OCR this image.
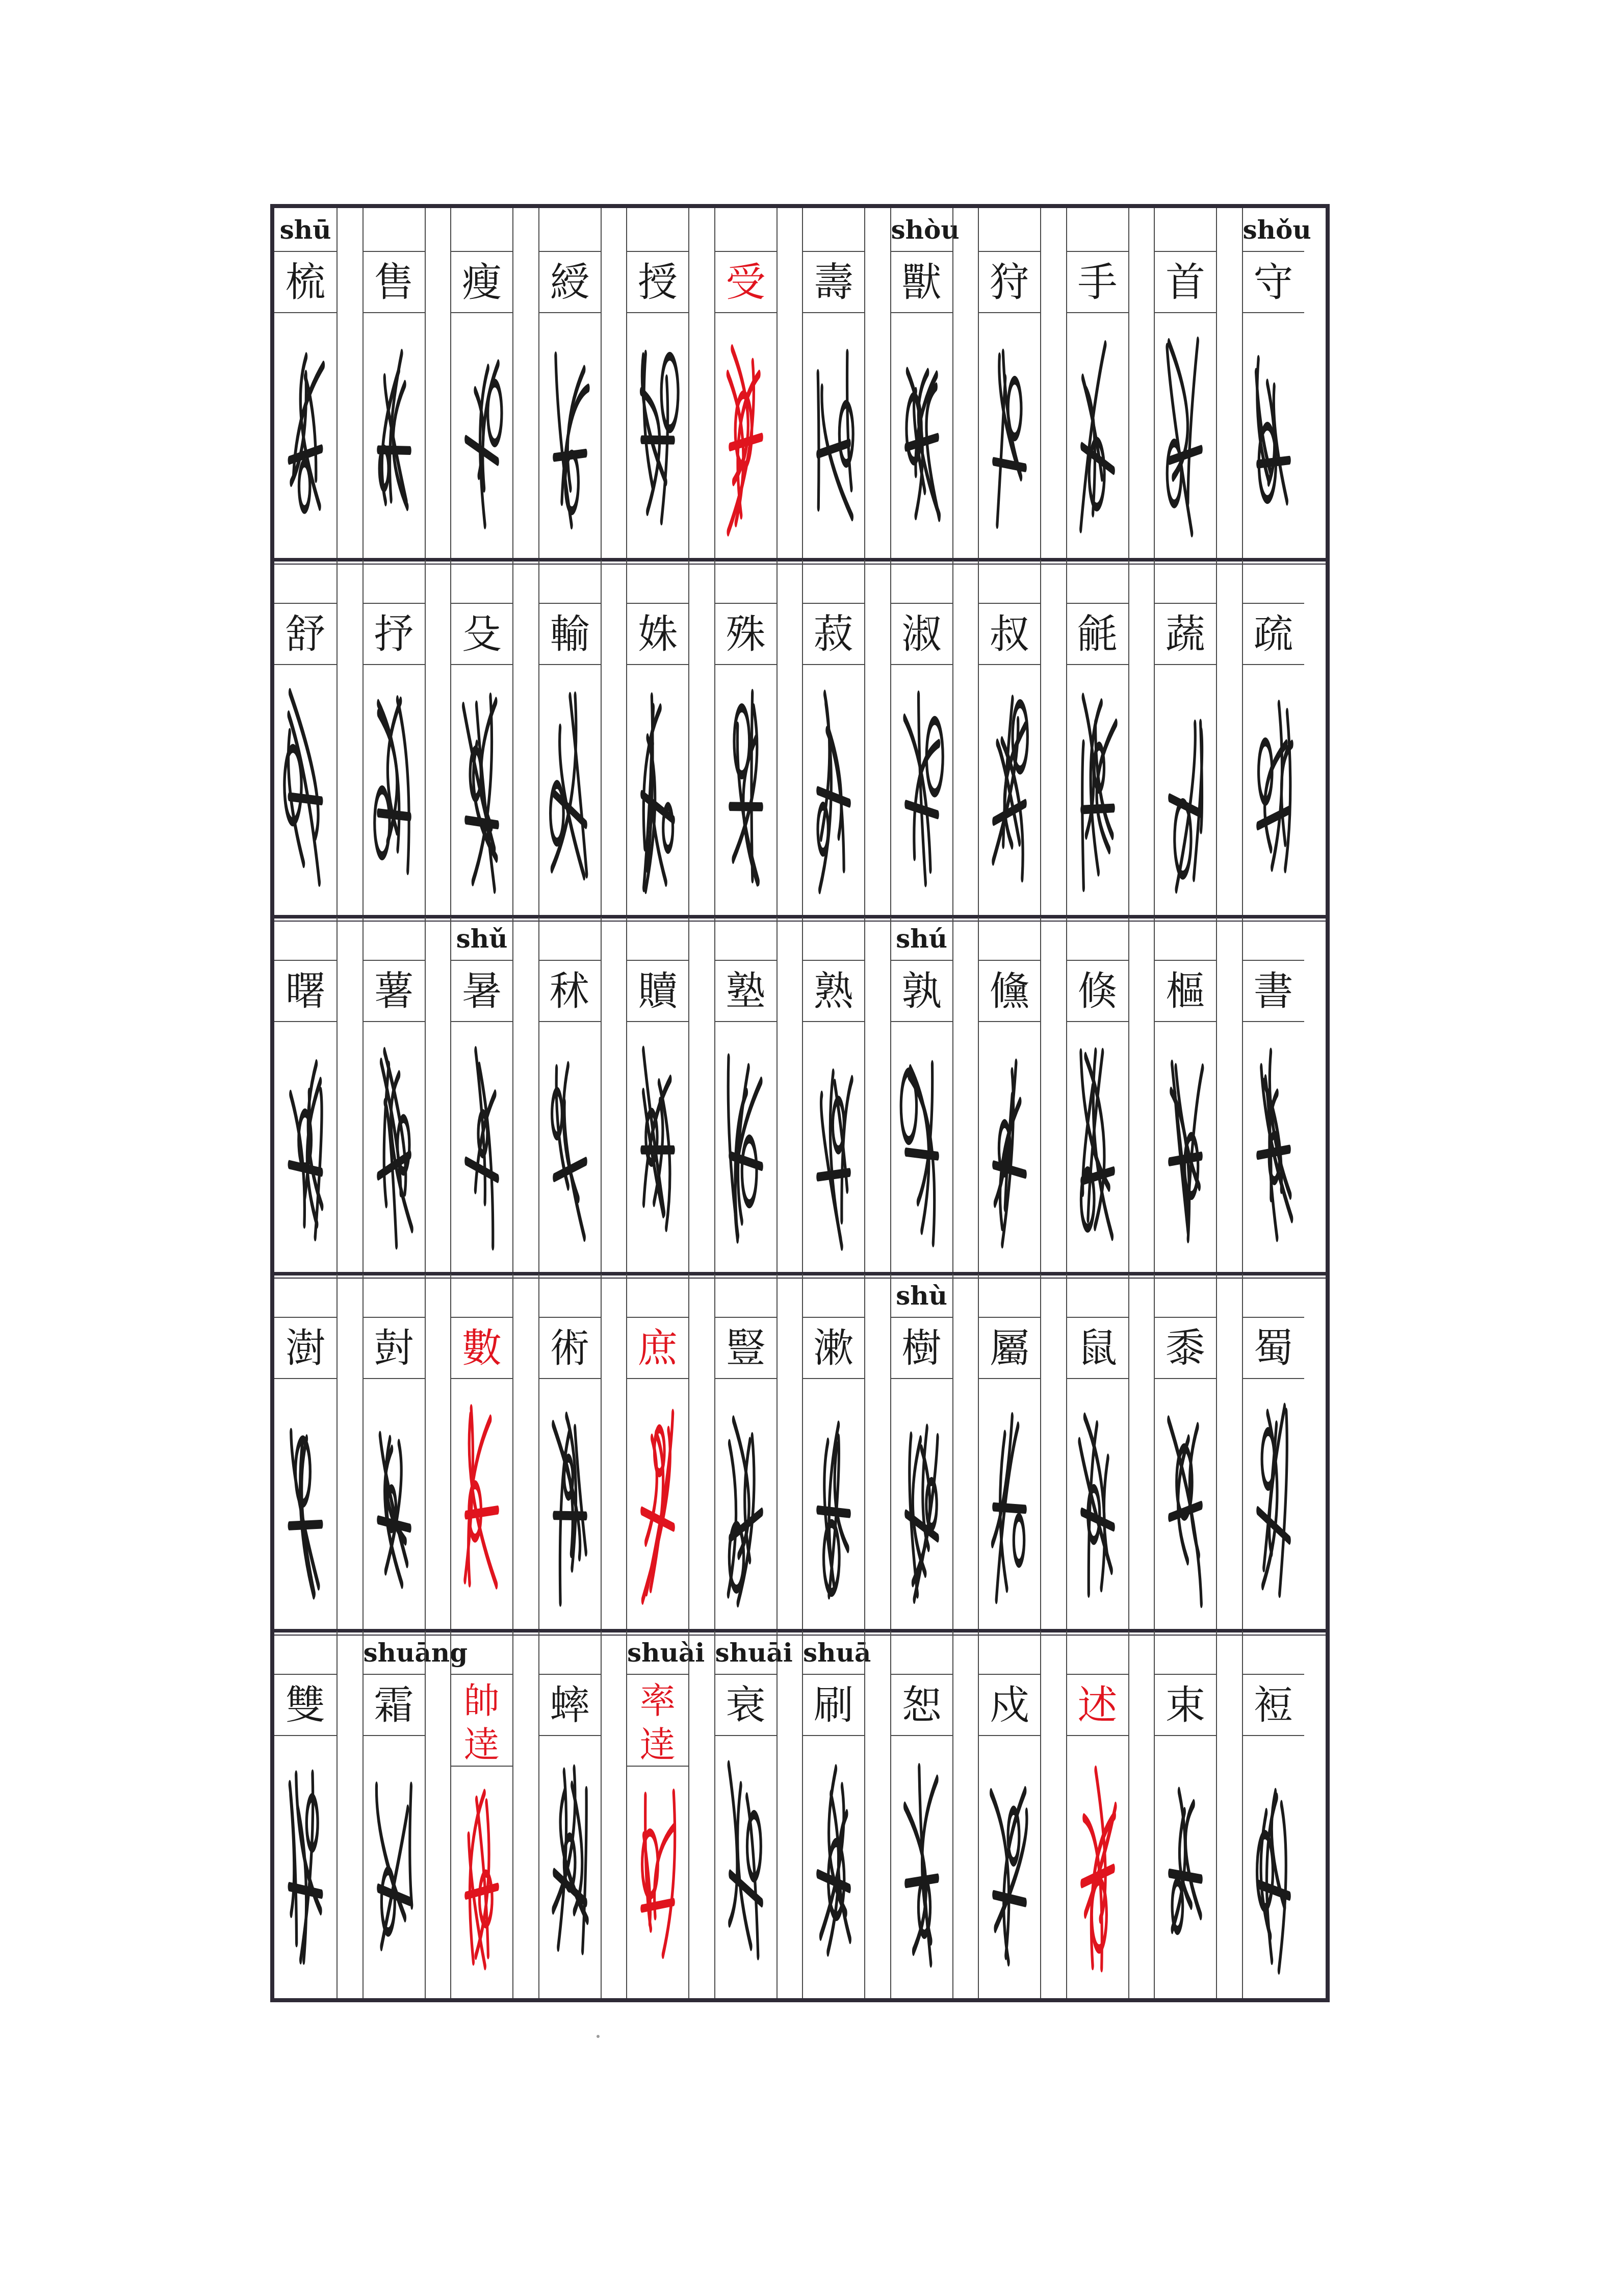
shū
梳 售 瘦 綬 授 受 壽
shòu
獸 狩 手 首
shǒu
守
舒 抒 殳 輸 姝 殊 菽 淑 叔 毹 蔬 疏
曙 薯
shǔ
暑 秫 贖 塾 熟
shú
孰 儵 倏 樞 書
澍 尌 數 術 庶 豎 漱
shù
樹 屬 鼠 黍 蜀
雙
shuāng
霜	帥
逹
蟀
shuài
率
逹
shuāi
衰
shuā
刷 恕 戍 述 束 裋
